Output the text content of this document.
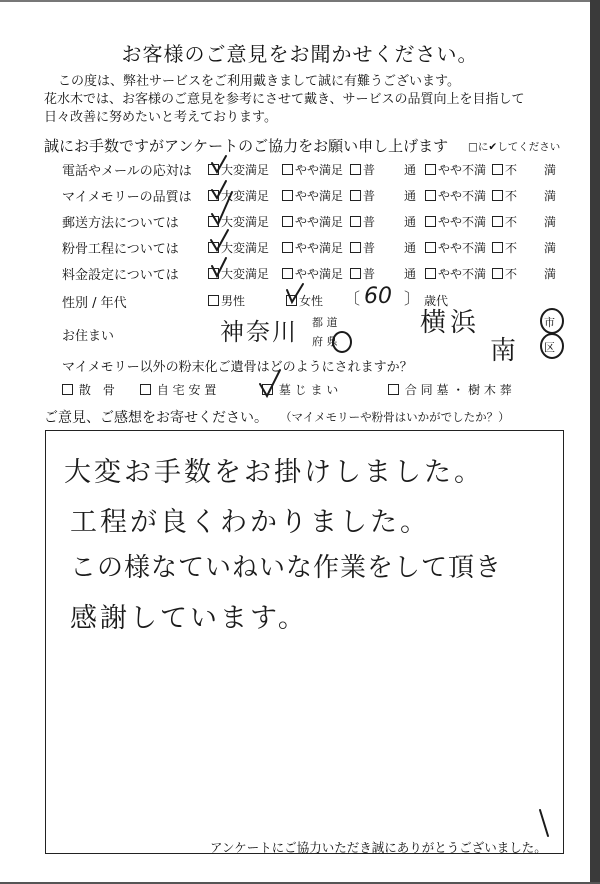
お客様のご意見をお聞かせください。
この度は、弊社サービスをご利用戴きまして誠に有難うございます。
花水木では、お客様のご意見を参考にさせて戴き、サービスの品質向上を目指して
日々改善に努めたいと考えております。
誠にお手数ですがアンケートのご協力をお願い申し上げます □に✔してください
電話やメールの応対は	大変満足	やや満足	普 通	やや不満	不 満
マイメモリーの品質は	大変満足	やや満足	普 通	やや不満	不 満
郵送方法については	大変満足	やや満足	普 通	やや不満	不 満
粉骨工程については	大変満足	やや満足	普 通	やや不満	不 満
料金設定については	大変満足	やや満足	普 通	やや不満	不 満
性別 / 年代	男性	女性 〔 60 〕 歳代
お住まい	神奈川 都 道
府 県
横浜
南
市
区
マイメモリー以外の粉末化ご遺骨はどのようにされますか？
散　骨	自 宅 安 置	墓 じ ま い	合 同 墓 ・ 樹 木 葬
ご意見、ご感想をお寄せください。 （マイメモリーや粉骨はいかがでしたか？）
大変お手数をお掛けしました。
工程が良くわかりました。
この様なていねいな作業をして頂き
感謝しています。
アンケートにご協力いただき誠にありがとうございました。
